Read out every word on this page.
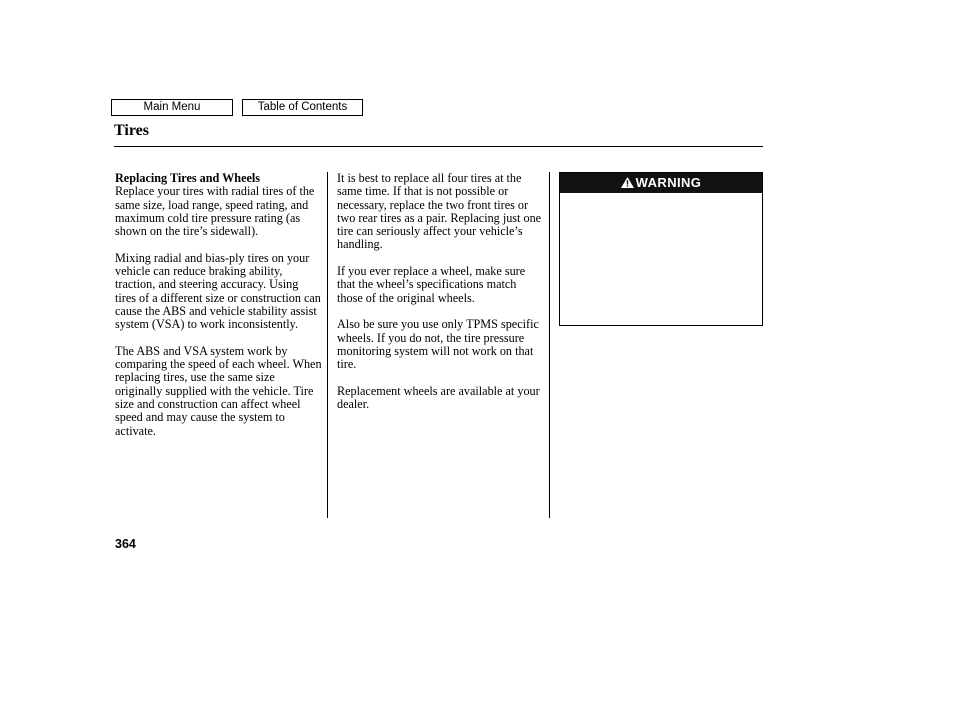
Main Menu	Table of Contents
Tires

Replacing Tires and Wheels
Replace your tires with radial tires of the same size, load range, speed rating, and maximum cold tire pressure rating (as shown on the tire’s sidewall).

Mixing radial and bias-ply tires on your vehicle can reduce braking ability, traction, and steering accuracy. Using tires of a different size or construction can cause the ABS and vehicle stability assist system (VSA) to work inconsistently.

The ABS and VSA system work by comparing the speed of each wheel. When replacing tires, use the same size originally supplied with the vehicle. Tire size and construction can affect wheel speed and may cause the system to activate.

It is best to replace all four tires at the same time. If that is not possible or necessary, replace the two front tires or two rear tires as a pair. Replacing just one tire can seriously affect your vehicle’s handling.

If you ever replace a wheel, make sure that the wheel’s specifications match those of the original wheels.

Also be sure you use only TPMS specific wheels. If you do not, the tire pressure monitoring system will not work on that tire.

Replacement wheels are available at your dealer.

WARNING
364
